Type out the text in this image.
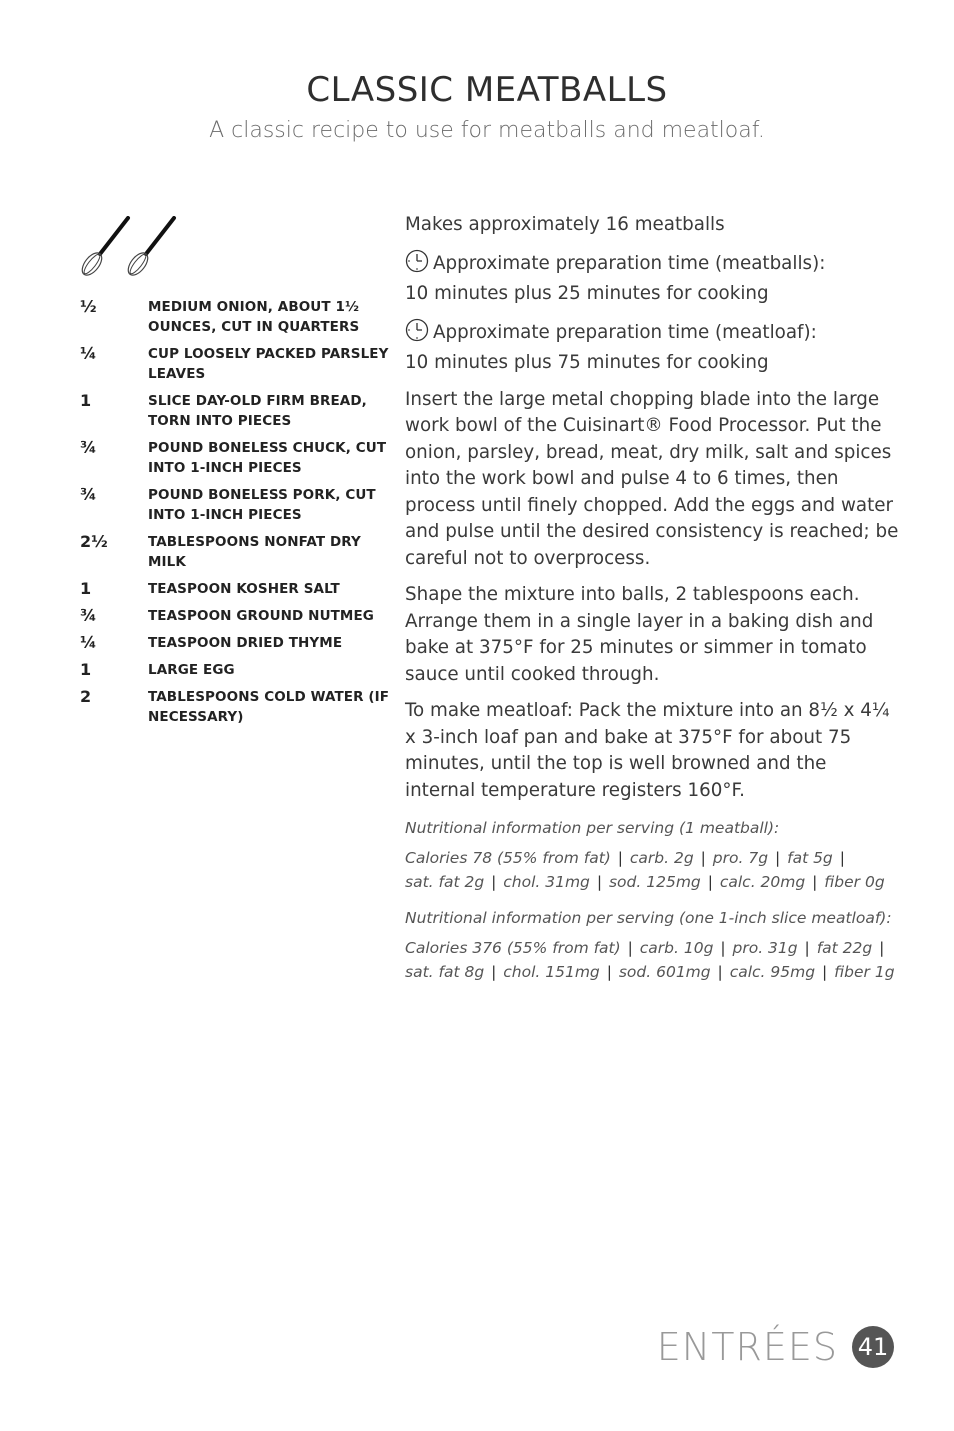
CLASSIC MEATBALLS
A classic recipe to use for meatballs and meatloaf.
½	MEDIUM ONION, ABOUT 1½ OUNCES, CUT IN QUARTERS
¼	CUP LOOSELY PACKED PARSLEY LEAVES
1	SLICE DAY-OLD FIRM BREAD, TORN INTO PIECES
¾	POUND BONELESS CHUCK, CUT INTO 1-INCH PIECES
¾	POUND BONELESS PORK, CUT INTO 1-INCH PIECES
2½	TABLESPOONS NONFAT DRY MILK
1	TEASPOON KOSHER SALT
¾	TEASPOON GROUND NUTMEG
¼	TEASPOON DRIED THYME
1	LARGE EGG
2	TABLESPOONS COLD WATER (IF NECESSARY)

Makes approximately 16 meatballs

Approximate preparation time (meatballs):
10 minutes plus 25 minutes for cooking

Approximate preparation time (meatloaf):
10 minutes plus 75 minutes for cooking

Insert the large metal chopping blade into the large work bowl of the Cuisinart® Food Processor. Put the onion, parsley, bread, meat, dry milk, salt and spices into the work bowl and pulse 4 to 6 times, then process until finely chopped. Add the eggs and water and pulse until the desired consistency is reached; be careful not to overprocess.

Shape the mixture into balls, 2 tablespoons each. Arrange them in a single layer in a baking dish and bake at 375°F for 25 minutes or simmer in tomato sauce until cooked through.

To make meatloaf: Pack the mixture into an 8½ x 4¼ x 3-inch loaf pan and bake at 375°F for about 75 minutes, until the top is well browned and the internal temperature registers 160°F.

Nutritional information per serving (1 meatball):

Calories 78 (55% from fat) | carb. 2g | pro. 7g | fat 5g |
sat. fat 2g | chol. 31mg | sod. 125mg | calc. 20mg | fiber 0g

Nutritional information per serving (one 1-inch slice meatloaf):

Calories 376 (55% from fat) | carb. 10g | pro. 31g | fat 22g |
sat. fat 8g | chol. 151mg | sod. 601mg | calc. 95mg | fiber 1g

ENTRÉES 41
